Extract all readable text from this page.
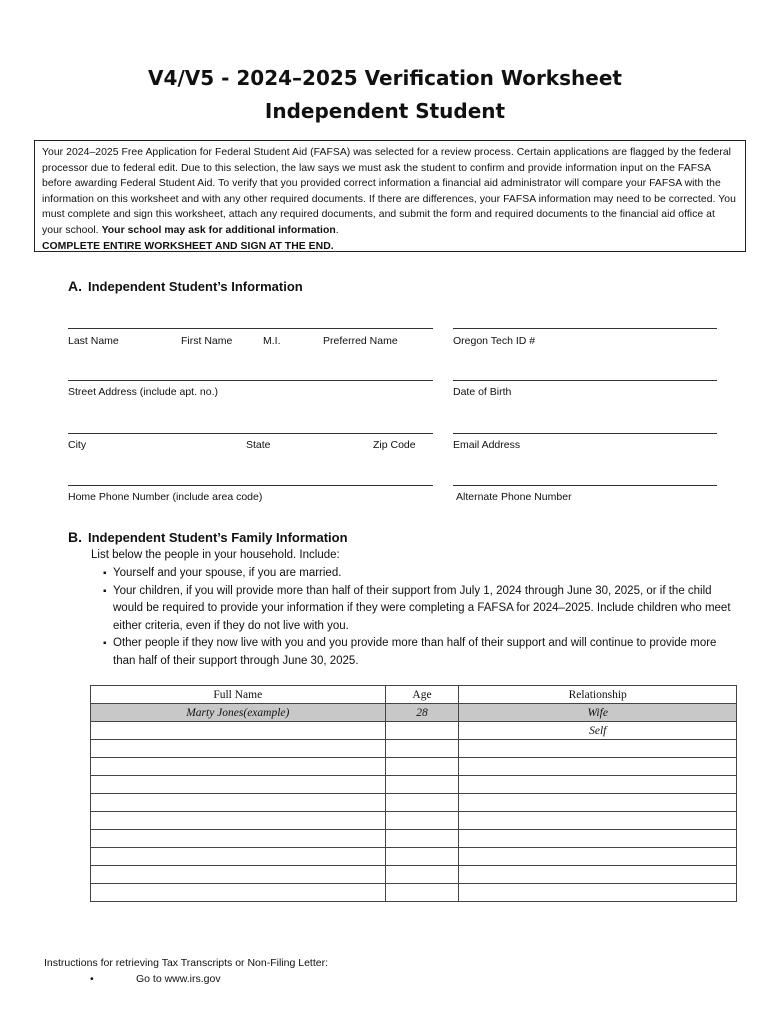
V4/V5 - 2024–2025 Verification Worksheet
Independent Student
Your 2024–2025 Free Application for Federal Student Aid (FAFSA) was selected for a review process. Certain applications are flagged by the federal processor due to federal edit. Due to this selection, the law says we must ask the student to confirm and provide information input on the FAFSA before awarding Federal Student Aid. To verify that you provided correct information a financial aid administrator will compare your FAFSA with the information on this worksheet and with any other required documents. If there are differences, your FAFSA information may need to be corrected. You must complete and sign this worksheet, attach any required documents, and submit the form and required documents to the financial aid office at your school. Your school may ask for additional information.
COMPLETE ENTIRE WORKSHEET AND SIGN AT THE END.
A. Independent Student’s Information
Last Name	First Name	M.I.	Preferred Name	Oregon Tech ID #
Street Address (include apt. no.)	Date of Birth
City	State	Zip Code	Email Address
Home Phone Number (include area code)	Alternate Phone Number
B. Independent Student’s Family Information
List below the people in your household. Include:
▪ Yourself and your spouse, if you are married.
▪ Your children, if you will provide more than half of their support from July 1, 2024 through June 30, 2025, or if the child would be required to provide your information if they were completing a FAFSA for 2024–2025. Include children who meet either criteria, even if they do not live with you.
▪ Other people if they now live with you and you provide more than half of their support and will continue to provide more than half of their support through June 30, 2025.
Full Name	Age	Relationship
Marty Jones(example)	28	Wife
		Self

Instructions for retrieving Tax Transcripts or Non-Filing Letter:
•	Go to www.irs.gov
